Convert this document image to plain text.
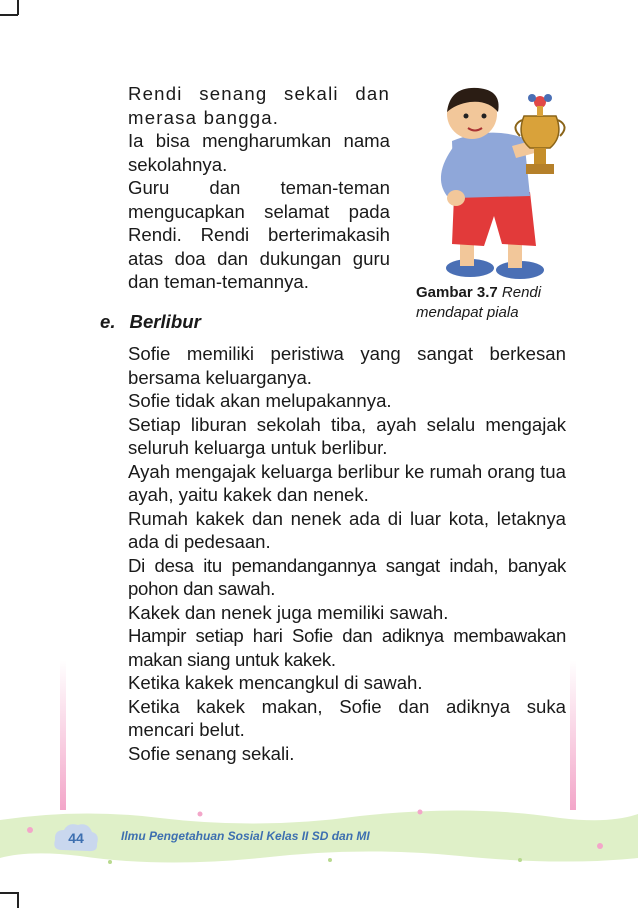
Rendi senang sekali dan merasa bangga.

Ia bisa mengharumkan nama sekolahnya.

Guru dan teman-teman mengucapkan selamat pada Rendi. Rendi berterimakasih atas doa dan dukungan guru dan teman-temannya.

Gambar 3.7 Rendi mendapat piala
e. Berlibur

Sofie memiliki peristiwa yang sangat berkesan bersama keluarganya.

Sofie tidak akan melupakannya.

Setiap liburan sekolah tiba, ayah selalu mengajak seluruh keluarga untuk berlibur.

Ayah mengajak keluarga berlibur ke rumah orang tua ayah, yaitu kakek dan nenek.

Rumah kakek dan nenek ada di luar kota, letaknya ada di pedesaan.

Di desa itu pemandangannya sangat indah, banyak pohon dan sawah.

Kakek dan nenek juga memiliki sawah.

Hampir setiap hari Sofie dan adiknya membawakan makan siang untuk kakek.

Ketika kakek mencangkul di sawah.

Ketika kakek makan, Sofie dan adiknya suka mencari belut.

Sofie senang sekali.

44	Ilmu Pengetahuan Sosial Kelas II SD dan MI
